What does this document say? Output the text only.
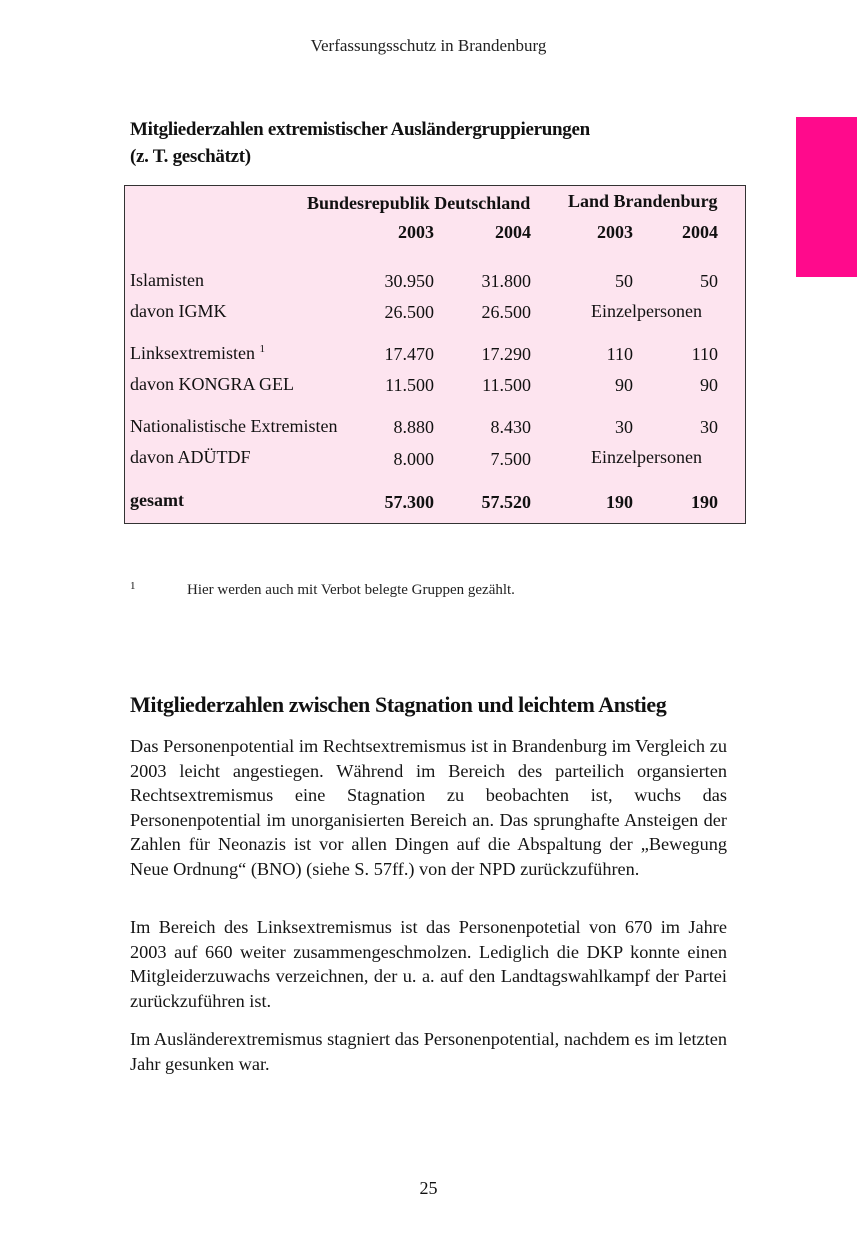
Verfassungsschutz in Brandenburg
Mitgliederzahlen extremistischer Ausländergruppierungen
(z. T. geschätzt)
Bundesrepublik Deutschland Land Brandenburg
2003	2004	2003	2004
Islamisten	30.950	31.800	50	50
davon IGMK	26.500	26.500	Einzelpersonen
Linksextremisten $^1$	17.470	17.290	110	110
davon KONGRA GEL	11.500	11.500	90	90
Nationalistische Extremisten	8.880	8.430	30	30
davon ADÜTDF	8.000	7.500	Einzelpersonen
gesamt	57.300	57.520	190	190
1	Hier werden auch mit Verbot belegte Gruppen gezählt.
Mitgliederzahlen zwischen Stagnation und leichtem Anstieg
Das Personenpotential im Rechtsextremismus ist in Brandenburg im Vergleich zu 2003 leicht angestiegen. Während im Bereich des parteilich organsierten Rechtsextremismus eine Stagnation zu beobachten ist, wuchs das Personenpotential im unorganisierten Bereich an. Das sprunghafte Ansteigen der Zahlen für Neonazis ist vor allen Dingen auf die Abspaltung der „Bewegung Neue Ordnung“ (BNO) (siehe S. 57ff.) von der NPD zurückzuführen.
Im Bereich des Linksextremismus ist das Personenpotetial von 670 im Jahre 2003 auf 660 weiter zusammengeschmolzen. Lediglich die DKP konnte einen Mitgleiderzuwachs verzeichnen, der u. a. auf den Landtagswahlkampf der Partei zurückzuführen ist.
Im Ausländerextremismus stagniert das Personenpotential, nachdem es im letzten Jahr gesunken war.
25
